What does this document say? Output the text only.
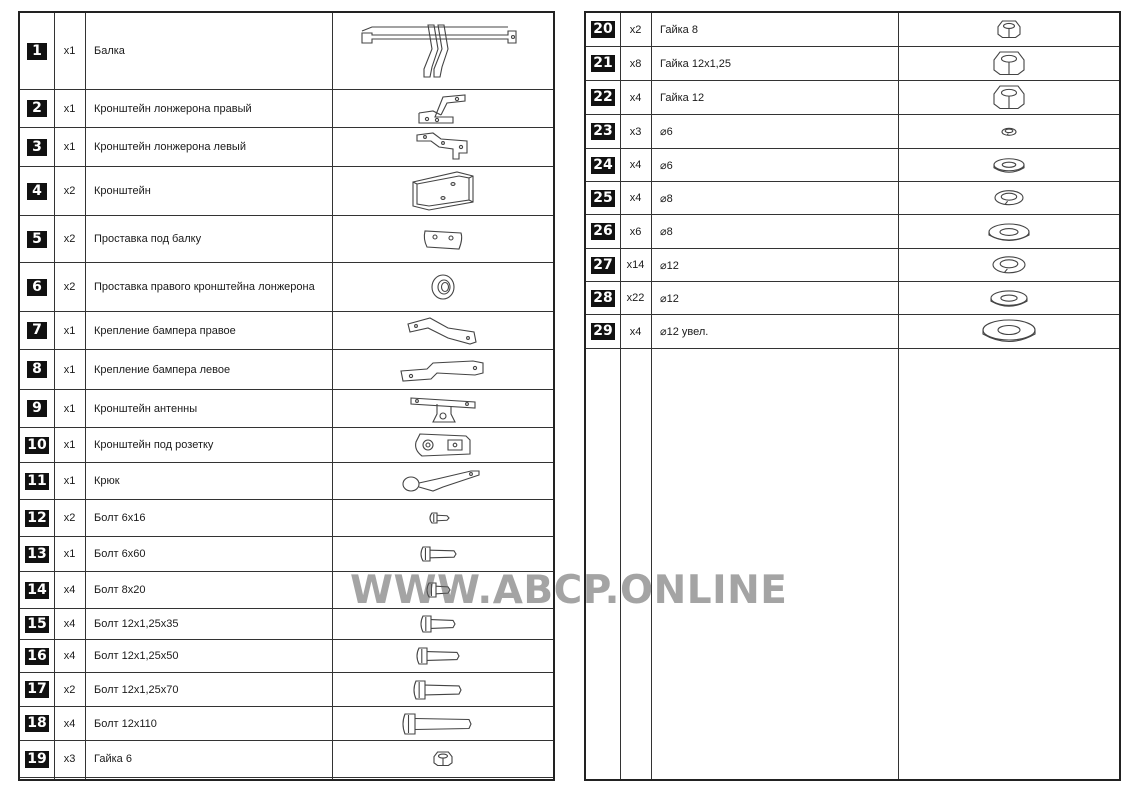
1	x1	Балка
2	x1	Кронштейн лонжерона правый
3	x1	Кронштейн лонжерона левый
4	x2	Кронштейн
5	x2	Проставка под балку
6	x2	Проставка правого кронштейна лонжерона
7	x1	Крепление бампера правое
8	x1	Крепление бампера левое
9	x1	Кронштейн антенны
10	x1	Кронштейн под розетку
11	x1	Крюк
12	x2	Болт 6x16
13	x1	Болт 6x60
14	x4	Болт 8x20
15	x4	Болт 12x1,25x35
16	x4	Болт 12x1,25x50
17	x2	Болт 12x1,25x70
18	x4	Болт 12x110
19	x3	Гайка 6
20	x2	Гайка 8
21	x8	Гайка 12x1,25
22	x4	Гайка 12
23	x3	⌀6
24	x4	⌀6
25	x4	⌀8
26	x6	⌀8
27	x14	⌀12
28	x22	⌀12
29	x4	⌀12 увел.
WWW.ABCP.ONLINE
